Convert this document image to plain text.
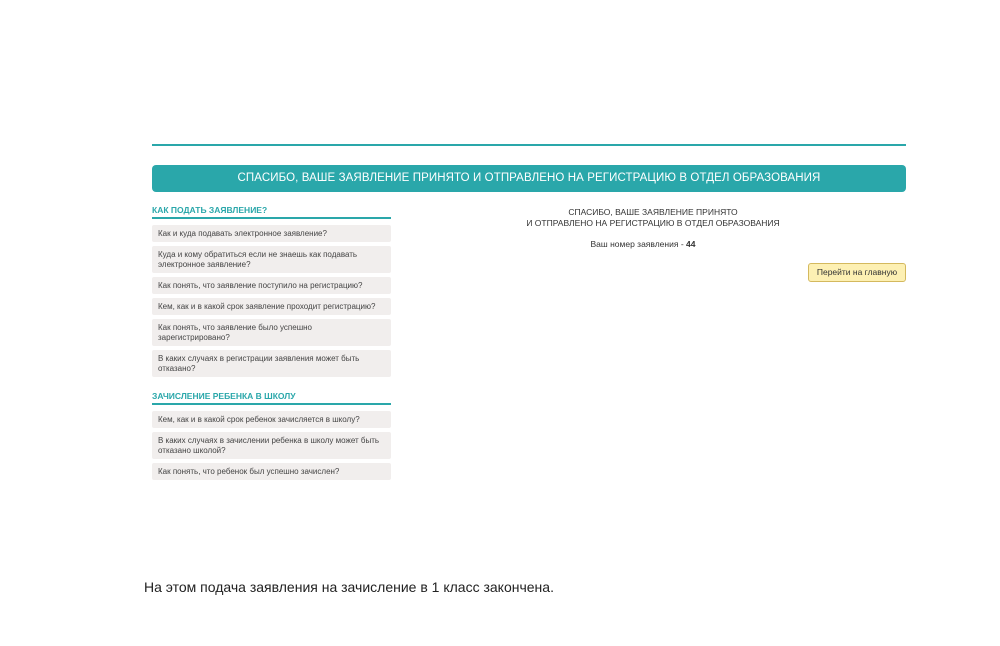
СПАСИБО, ВАШЕ ЗАЯВЛЕНИЕ ПРИНЯТО И ОТПРАВЛЕНО НА РЕГИСТРАЦИЮ В ОТДЕЛ ОБРАЗОВАНИЯ
КАК ПОДАТЬ ЗАЯВЛЕНИЕ?
Как и куда подавать электронное заявление?
Куда и кому обратиться если не знаешь как подавать электронное заявление?
Как понять, что заявление поступило на регистрацию?
Кем, как и в какой срок заявление проходит регистрацию?
Как понять, что заявление было успешно зарегистрировано?
В каких случаях в регистрации заявления может быть отказано?
ЗАЧИСЛЕНИЕ РЕБЕНКА В ШКОЛУ
Кем, как и в какой срок ребенок зачисляется в школу?
В каких случаях в зачислении ребенка в школу может быть отказано школой?
Как понять, что ребенок был успешно зачислен?
СПАСИБО, ВАШЕ ЗАЯВЛЕНИЕ ПРИНЯТО
И ОТПРАВЛЕНО НА РЕГИСТРАЦИЮ В ОТДЕЛ ОБРАЗОВАНИЯ
Ваш номер заявления - 44
Перейти на главную
На этом подача заявления на зачисление в 1 класс закончена.
